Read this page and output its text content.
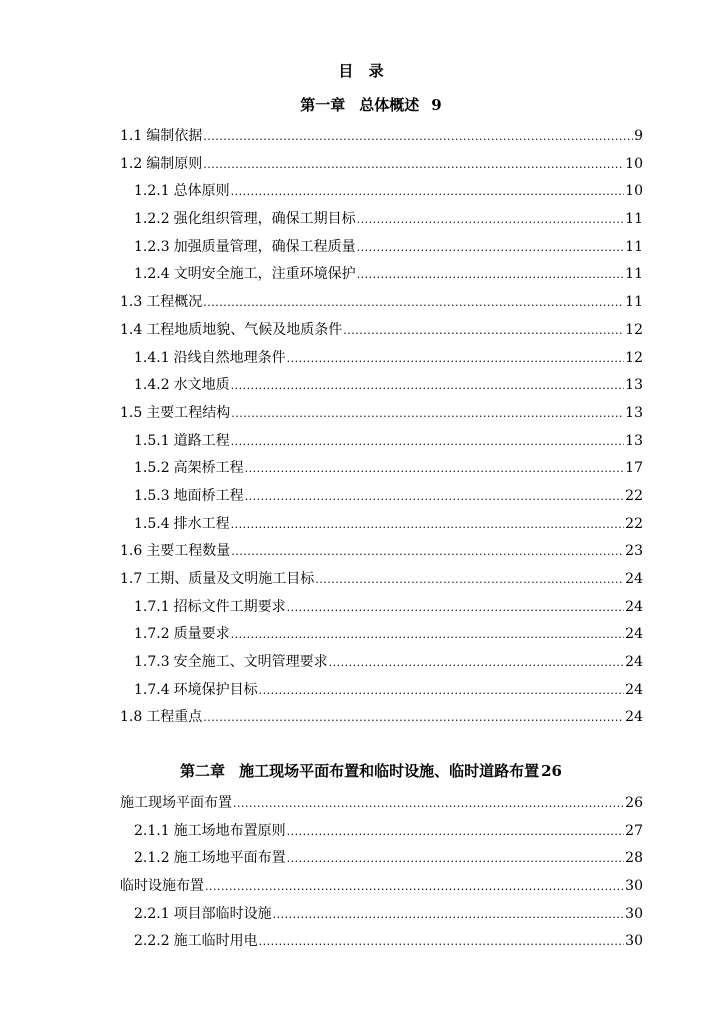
目 录
第一章 总体概述 9
1.1 编制依据 .....	9
1.2 编制原则 .....	10
1.2.1 总体原则 .....	10
1.2.2 强化组织管理，确保工期目标 .....	11
1.2.3 加强质量管理，确保工程质量 .....	11
1.2.4 文明安全施工，注重环境保护 .....	11
1.3 工程概况 .....	11
1.4 工程地质地貌、气候及地质条件 .....	12
1.4.1 沿线自然地理条件 .....	12
1.4.2 水文地质 .....	13
1.5 主要工程结构 .....	13
1.5.1 道路工程 .....	13
1.5.2 高架桥工程 .....	17
1.5.3 地面桥工程 .....	22
1.5.4 排水工程 .....	22
1.6 主要工程数量 .....	23
1.7 工期、质量及文明施工目标 .....	24
1.7.1 招标文件工期要求 .....	24
1.7.2 质量要求 .....	24
1.7.3 安全施工、文明管理要求 .....	24
1.7.4 环境保护目标 .....	24
1.8 工程重点 .....	24
第二章 施工现场平面布置和临时设施、临时道路布置 26
施工现场平面布置 .....	26
2.1.1 施工场地布置原则 .....	27
2.1.2 施工场地平面布置 .....	28
临时设施布置 .....	30
2.2.1 项目部临时设施 .....	30
2.2.2 施工临时用电 .....	30
